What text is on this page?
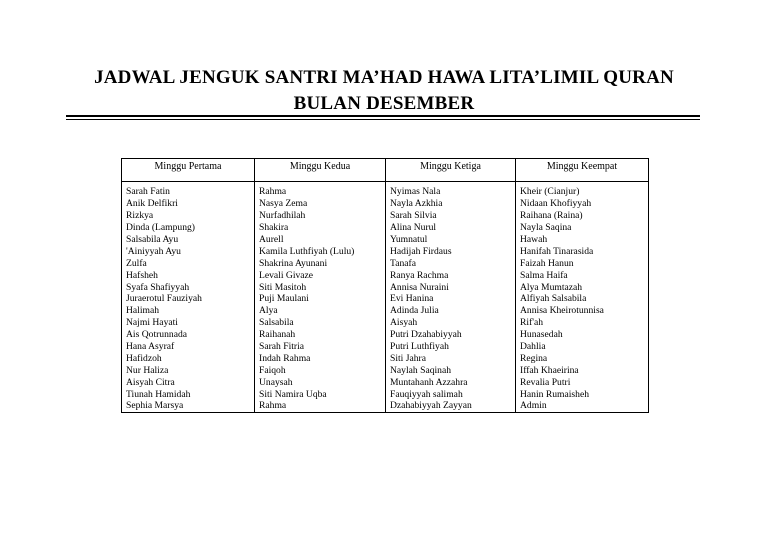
JADWAL JENGUK SANTRI MA’HAD HAWA LITA’LIMIL QURAN
BULAN DESEMBER
Minggu Pertama	Minggu Kedua	Minggu Ketiga	Minggu Keempat

Sarah Fatin	Rahma	Nyimas Nala	Kheir (Cianjur)
Anik Delfikri	Nasya Zema	Nayla Azkhia	Nidaan Khofiyyah
Rizkya	Nurfadhilah	Sarah Silvia	Raihana (Raina)
Dinda (Lampung)	Shakira	Alina Nurul	Nayla Saqina
Salsabila Ayu	Aurell	Yumnatul	Hawah
'Ainiyyah Ayu	Kamila Luthfiyah (Lulu)	Hadijah Firdaus	Hanifah Tinarasida
Zulfa	Shakrina Ayunani	Tanafa	Faizah Hanun
Hafsheh	Levali Givaze	Ranya Rachma	Salma Haifa
Syafa Shafiyyah	Siti Masitoh	Annisa Nuraini	Alya Mumtazah
Juraerotul Fauziyah	Puji Maulani	Evi Hanina	Alfiyah Salsabila
Halimah	Alya	Adinda Julia	Annisa Kheirotunnisa
Najmi Hayati	Salsabila	Aisyah	Rif'ah
Ais Qotrunnada	Raihanah	Putri Dzahabiyyah	Hunasedah
Hana Asyraf	Sarah Fitria	Putri Luthfiyah	Dahlia
Hafidzoh	Indah Rahma	Siti Jahra	Regina
Nur Haliza	Faiqoh	Naylah Saqinah	Iffah Khaeirina
Aisyah Citra	Unaysah	Muntahanh Azzahra	Revalia Putri
Tiunah Hamidah	Siti Namira Uqba	Fauqiyyah salimah	Hanin Rumaisheh
Sephia Marsya	Rahma	Dzahabiyyah Zayyan	Admin
